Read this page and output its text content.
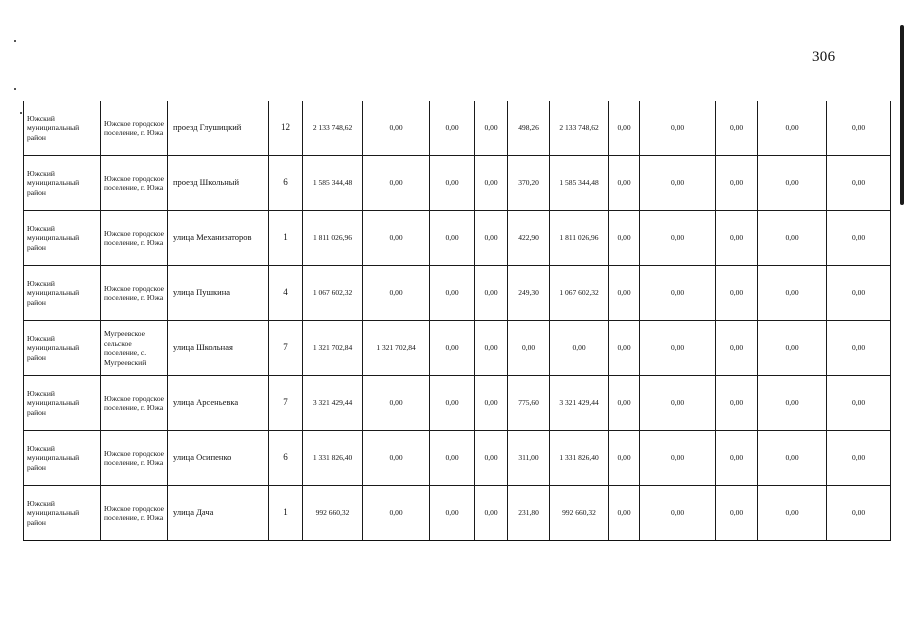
306
Южский муниципальный район	Южское городское поселение, г. Южа	проезд Глушицкий	12	2 133 748,62	0,00	0,00	0,00	498,26	2 133 748,62	0,00	0,00	0,00	0,00	0,00
Южский муниципальный район	Южское городское поселение, г. Южа	проезд Школьный	6	1 585 344,48	0,00	0,00	0,00	370,20	1 585 344,48	0,00	0,00	0,00	0,00	0,00
Южский муниципальный район	Южское городское поселение, г. Южа	улица Механизаторов	1	1 811 026,96	0,00	0,00	0,00	422,90	1 811 026,96	0,00	0,00	0,00	0,00	0,00
Южский муниципальный район	Южское городское поселение, г. Южа	улица Пушкина	4	1 067 602,32	0,00	0,00	0,00	249,30	1 067 602,32	0,00	0,00	0,00	0,00	0,00
Южский муниципальный район	Мугреевское сельское поселение, с. Мугреевский	улица Школьная	7	1 321 702,84	1 321 702,84	0,00	0,00	0,00	0,00	0,00	0,00	0,00	0,00	0,00
Южский муниципальный район	Южское городское поселение, г. Южа	улица Арсеньевка	7	3 321 429,44	0,00	0,00	0,00	775,60	3 321 429,44	0,00	0,00	0,00	0,00	0,00
Южский муниципальный район	Южское городское поселение, г. Южа	улица Осипенко	6	1 331 826,40	0,00	0,00	0,00	311,00	1 331 826,40	0,00	0,00	0,00	0,00	0,00
Южский муниципальный район	Южское городское поселение, г. Южа	улица Дача	1	992 660,32	0,00	0,00	0,00	231,80	992 660,32	0,00	0,00	0,00	0,00	0,00
